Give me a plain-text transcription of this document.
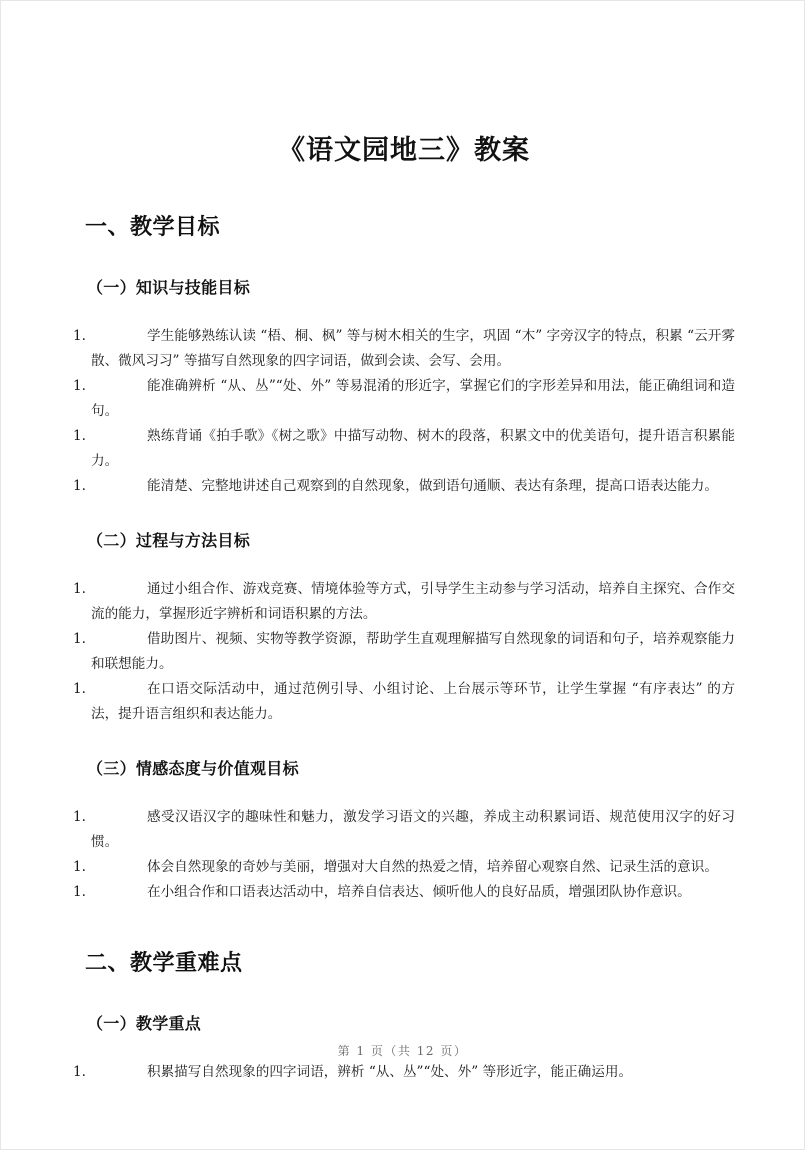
《语文园地三》教案
一、教学目标
（一）知识与技能目标
1.	学生能够熟练认读 “梧、桐、枫” 等与树木相关的生字，巩固 “木” 字旁汉字的特点，积累 “云开雾散、微风习习” 等描写自然现象的四字词语，做到会读、会写、会用。
1.	能准确辨析 “从、丛”“处、外” 等易混淆的形近字，掌握它们的字形差异和用法，能正确组词和造句。
1.	熟练背诵《拍手歌》《树之歌》中描写动物、树木的段落，积累文中的优美语句，提升语言积累能力。
1.	能清楚、完整地讲述自己观察到的自然现象，做到语句通顺、表达有条理，提高口语表达能力。
（二）过程与方法目标
1.	通过小组合作、游戏竞赛、情境体验等方式，引导学生主动参与学习活动，培养自主探究、合作交流的能力，掌握形近字辨析和词语积累的方法。
1.	借助图片、视频、实物等教学资源，帮助学生直观理解描写自然现象的词语和句子，培养观察能力和联想能力。
1.	在口语交际活动中，通过范例引导、小组讨论、上台展示等环节，让学生掌握 “有序表达” 的方法，提升语言组织和表达能力。
（三）情感态度与价值观目标
1.	感受汉语汉字的趣味性和魅力，激发学习语文的兴趣，养成主动积累词语、规范使用汉字的好习惯。
1.	体会自然现象的奇妙与美丽，增强对大自然的热爱之情，培养留心观察自然、记录生活的意识。
1.	在小组合作和口语表达活动中，培养自信表达、倾听他人的良好品质，增强团队协作意识。
二、教学重难点
（一）教学重点
1.	积累描写自然现象的四字词语，辨析 “从、丛”“处、外” 等形近字，能正确运用。
第 1 页（共 12 页）
